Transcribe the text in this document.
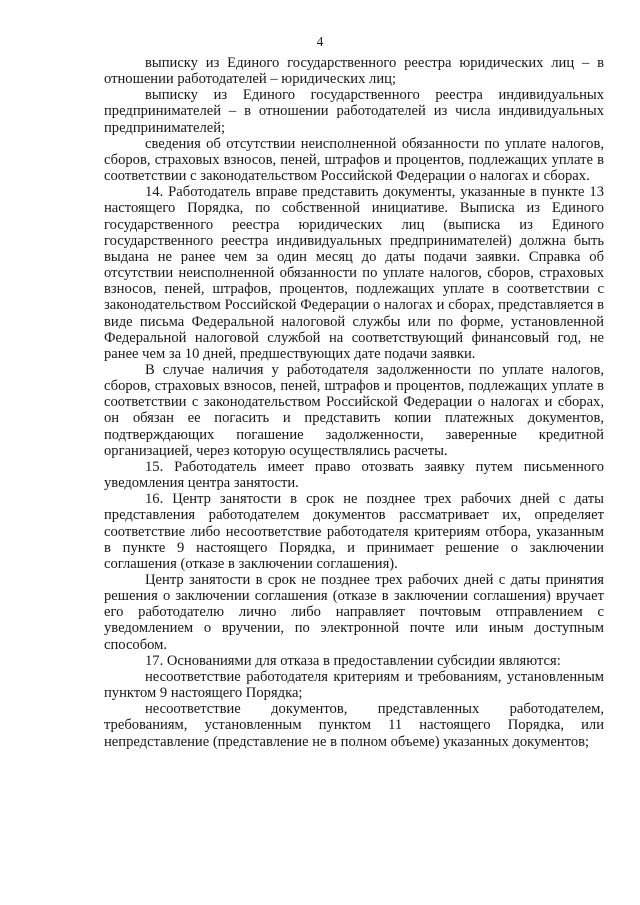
4

выписку из Единого государственного реестра юридических лиц – в отношении работодателей – юридических лиц;

выписку из Единого государственного реестра индивидуальных предпринимателей – в отношении работодателей из числа индивидуальных предпринимателей;

сведения об отсутствии неисполненной обязанности по уплате налогов, сборов, страховых взносов, пеней, штрафов и процентов, подлежащих уплате в соответствии с законодательством Российской Федерации о налогах и сборах.

14. Работодатель вправе представить документы, указанные в пункте 13 настоящего Порядка, по собственной инициативе. Выписка из Единого государственного реестра юридических лиц (выписка из Единого государственного реестра индивидуальных предпринимателей) должна быть выдана не ранее чем за один месяц до даты подачи заявки. Справка об отсутствии неисполненной обязанности по уплате налогов, сборов, страховых взносов, пеней, штрафов, процентов, подлежащих уплате в соответствии с законодательством Российской Федерации о налогах и сборах, представляется в виде письма Федеральной налоговой службы или по форме, установленной Федеральной налоговой службой на соответствующий финансовый год, не ранее чем за 10 дней, предшествующих дате подачи заявки.

В случае наличия у работодателя задолженности по уплате налогов, сборов, страховых взносов, пеней, штрафов и процентов, подлежащих уплате в соответствии с законодательством Российской Федерации о налогах и сборах, он обязан ее погасить и представить копии платежных документов, подтверждающих погашение задолженности, заверенные кредитной организацией, через которую осуществлялись расчеты.

15. Работодатель имеет право отозвать заявку путем письменного уведомления центра занятости.

16. Центр занятости в срок не позднее трех рабочих дней с даты представления работодателем документов рассматривает их, определяет соответствие либо несоответствие работодателя критериям отбора, указанным в пункте 9 настоящего Порядка, и принимает решение о заключении соглашения (отказе в заключении соглашения).

Центр занятости в срок не позднее трех рабочих дней с даты принятия решения о заключении соглашения (отказе в заключении соглашения) вручает его работодателю лично либо направляет почтовым отправлением с уведомлением о вручении, по электронной почте или иным доступным способом.

17. Основаниями для отказа в предоставлении субсидии являются:

несоответствие работодателя критериям и требованиям, установленным пунктом 9 настоящего Порядка;

несоответствие документов, представленных работодателем, требованиям, установленным пунктом 11 настоящего Порядка, или непредставление (представление не в полном объеме) указанных документов;
